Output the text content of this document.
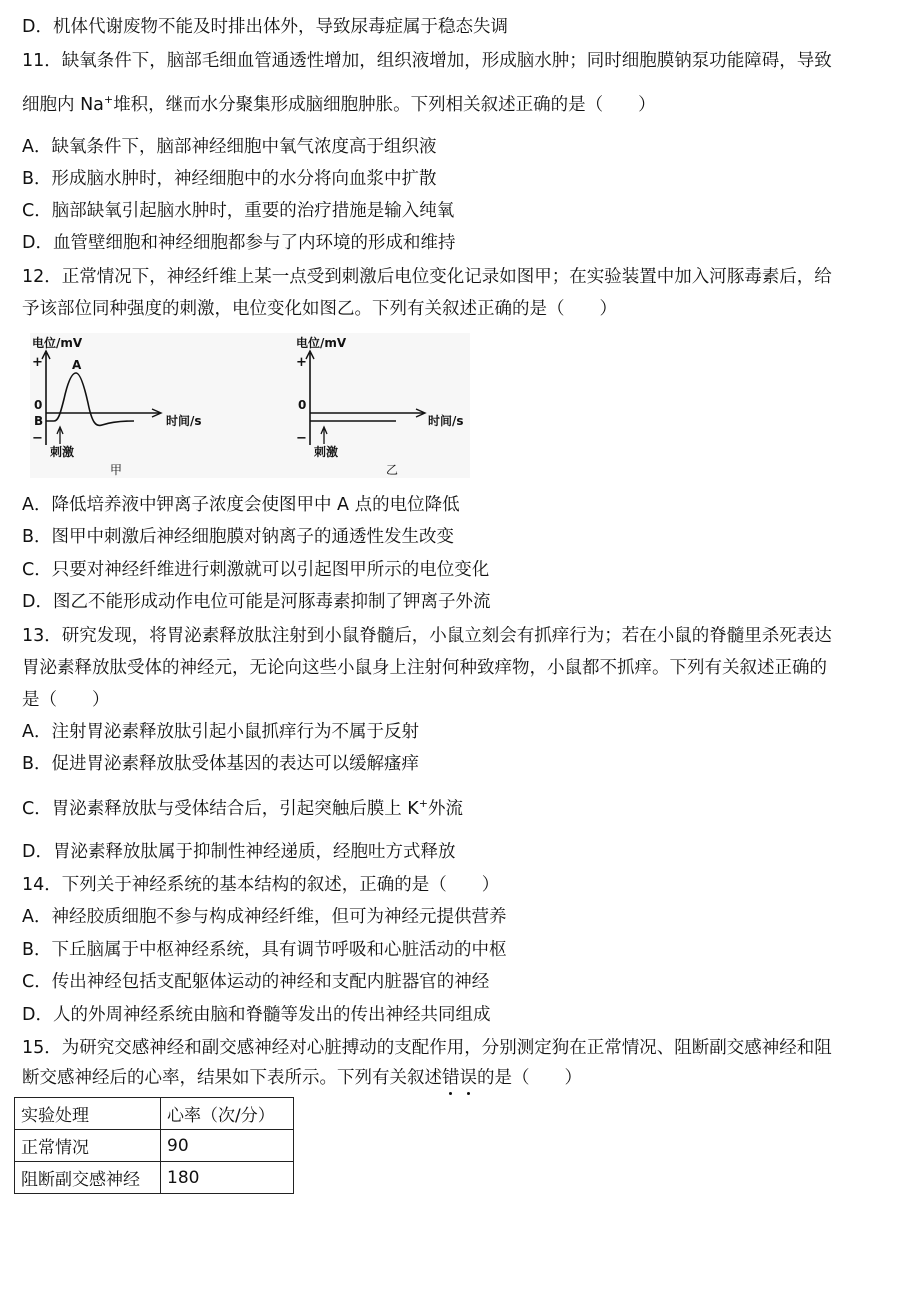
D．机体代谢废物不能及时排出体外，导致尿毒症属于稳态失调
11．缺氧条件下，脑部毛细血管通透性增加，组织液增加，形成脑水肿；同时细胞膜钠泵功能障碍，导致
细胞内 Na+堆积，继而水分聚集形成脑细胞肿胀。下列相关叙述正确的是（　　）
A．缺氧条件下，脑部神经细胞中氧气浓度高于组织液
B．形成脑水肿时，神经细胞中的水分将向血浆中扩散
C．脑部缺氧引起脑水肿时，重要的治疗措施是输入纯氧
D．血管壁细胞和神经细胞都参与了内环境的形成和维持
12．正常情况下，神经纤维上某一点受到刺激后电位变化记录如图甲；在实验装置中加入河豚毒素后，给
予该部位同种强度的刺激，电位变化如图乙。下列有关叙述正确的是（　　）
电位/mV
+
0
时间/s
B
−
A
刺激
甲
电位/mV
+
0
时间/s
−
刺激
乙
A．降低培养液中钾离子浓度会使图甲中 A 点的电位降低
B．图甲中刺激后神经细胞膜对钠离子的通透性发生改变
C．只要对神经纤维进行刺激就可以引起图甲所示的电位变化
D．图乙不能形成动作电位可能是河豚毒素抑制了钾离子外流
13．研究发现，将胃泌素释放肽注射到小鼠脊髓后，小鼠立刻会有抓痒行为；若在小鼠的脊髓里杀死表达
胃泌素释放肽受体的神经元，无论向这些小鼠身上注射何种致痒物，小鼠都不抓痒。下列有关叙述正确的
是（　　）
A．注射胃泌素释放肽引起小鼠抓痒行为不属于反射
B．促进胃泌素释放肽受体基因的表达可以缓解瘙痒
C．胃泌素释放肽与受体结合后，引起突触后膜上 K+外流
D．胃泌素释放肽属于抑制性神经递质，经胞吐方式释放
14．下列关于神经系统的基本结构的叙述，正确的是（　　）
A．神经胶质细胞不参与构成神经纤维，但可为神经元提供营养
B．下丘脑属于中枢神经系统，具有调节呼吸和心脏活动的中枢
C．传出神经包括支配躯体运动的神经和支配内脏器官的神经
D．人的外周神经系统由脑和脊髓等发出的传出神经共同组成
15．为研究交感神经和副交感神经对心脏搏动的支配作用，分别测定狗在正常情况、阻断副交感神经和阻
断交感神经后的心率，结果如下表所示。下列有关叙述错误的是（　　）
实验处理	心率（次/分）
正常情况	90
阻断副交感神经	180
